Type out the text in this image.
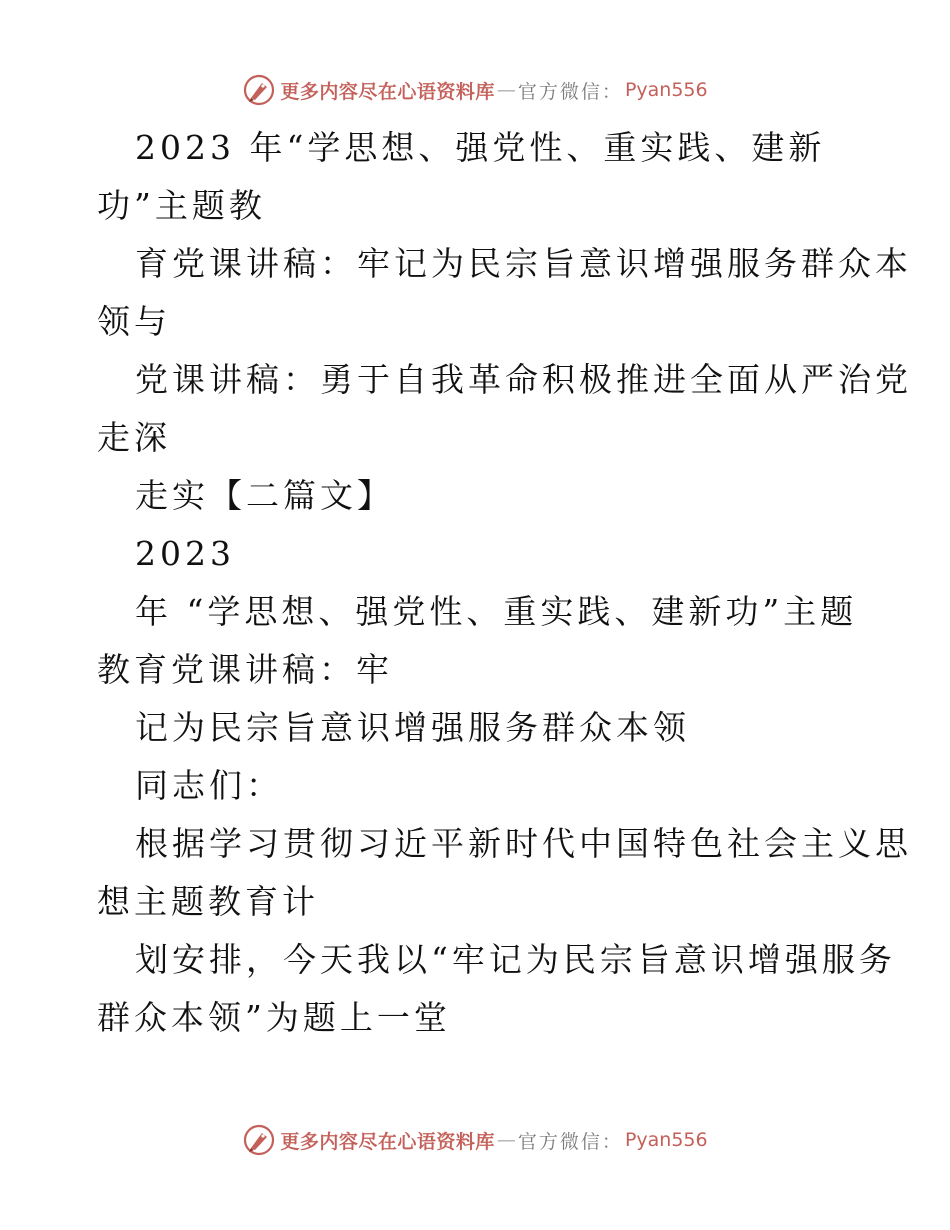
更多内容尽在心语资料库 — 官方微信： Pyan556
2023 年“学思想、强党性、重实践、建新
功”主题教
育党课讲稿：牢记为民宗旨意识增强服务群众本
领与
党课讲稿：勇于自我革命积极推进全面从严治党
走深
走实【二篇文】
2023
年 “学思想、强党性、重实践、建新功”主题
教育党课讲稿：牢
记为民宗旨意识增强服务群众本领
同志们：
根据学习贯彻习近平新时代中国特色社会主义思
想主题教育计
划安排，今天我以“牢记为民宗旨意识增强服务
群众本领”为题上一堂
更多内容尽在心语资料库 — 官方微信： Pyan556
